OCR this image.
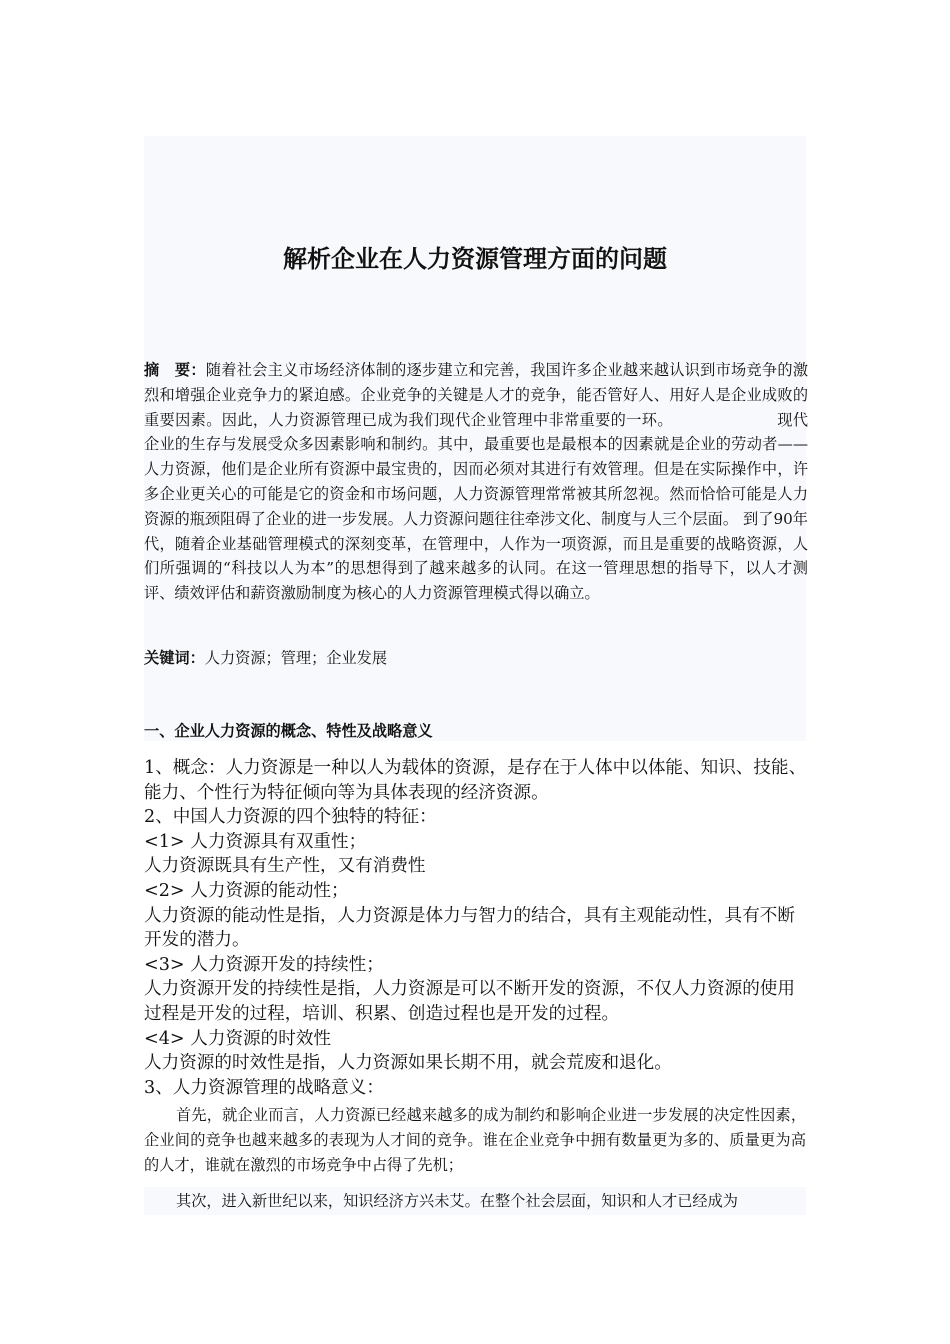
解析企业在人力资源管理方面的问题

摘　要：随着社会主义市场经济体制的逐步建立和完善，我国许多企业越来越认识到市场竞争的激烈和增强企业竞争力的紧迫感。企业竞争的关键是人才的竞争，能否管好人、用好人是企业成败的重要因素。因此，人力资源管理已成为我们现代企业管理中非常重要的一环。	现代企业的生存与发展受众多因素影响和制约。其中，最重要也是最根本的因素就是企业的劳动者——人力资源，他们是企业所有资源中最宝贵的，因而必须对其进行有效管理。但是在实际操作中，许多企业更关心的可能是它的资金和市场问题，人力资源管理常常被其所忽视。然而恰恰可能是人力资源的瓶颈阻碍了企业的进一步发展。人力资源问题往往牵涉文化、制度与人三个层面。 到了90年代，随着企业基础管理模式的深刻变革，在管理中，人作为一项资源，而且是重要的战略资源，人们所强调的“科技以人为本”的思想得到了越来越多的认同。在这一管理思想的指导下，以人才测评、绩效评估和薪资激励制度为核心的人力资源管理模式得以确立。

关键词：人力资源；管理；企业发展

一、企业人力资源的概念、特性及战略意义

1、概念：人力资源是一种以人为载体的资源，是存在于人体中以体能、知识、技能、能力、个性行为特征倾向等为具体表现的经济资源。

2、中国人力资源的四个独特的特征：

<1> 人力资源具有双重性；

人力资源既具有生产性，又有消费性

<2> 人力资源的能动性；

人力资源的能动性是指，人力资源是体力与智力的结合，具有主观能动性，具有不断开发的潜力。

<3> 人力资源开发的持续性；

人力资源开发的持续性是指，人力资源是可以不断开发的资源，不仅人力资源的使用过程是开发的过程，培训、积累、创造过程也是开发的过程。

<4> 人力资源的时效性

人力资源的时效性是指，人力资源如果长期不用，就会荒废和退化。

3、人力资源管理的战略意义：

首先，就企业而言，人力资源已经越来越多的成为制约和影响企业进一步发展的决定性因素，企业间的竞争也越来越多的表现为人才间的竞争。谁在企业竞争中拥有数量更为多的、质量更为高的人才，谁就在激烈的市场竞争中占得了先机；

其次，进入新世纪以来，知识经济方兴未艾。在整个社会层面，知识和人才已经成为
